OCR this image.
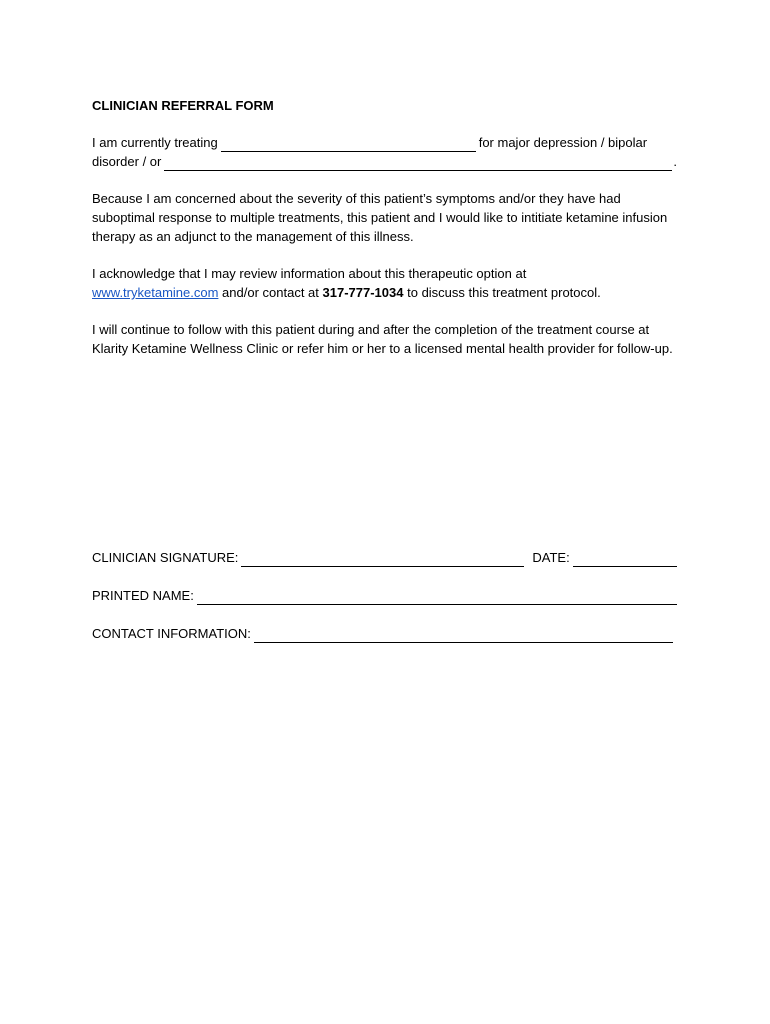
CLINICIAN REFERRAL FORM
I am currently treating	for major depression / bipolar
disorder / or	.

Because I am concerned about the severity of this patient’s symptoms and/or they have had suboptimal response to multiple treatments, this patient and I would like to intitiate ketamine infusion therapy as an adjunct to the management of this illness.

I acknowledge that I may review information about this therapeutic option at
www.tryketamine.com and/or contact at 317-777-1034 to discuss this treatment protocol.

I will continue to follow with this patient during and after the completion of the treatment course at Klarity Ketamine Wellness Clinic or refer him or her to a licensed mental health provider for follow-up.

CLINICIAN SIGNATURE:	DATE:
PRINTED NAME:
CONTACT INFORMATION:
